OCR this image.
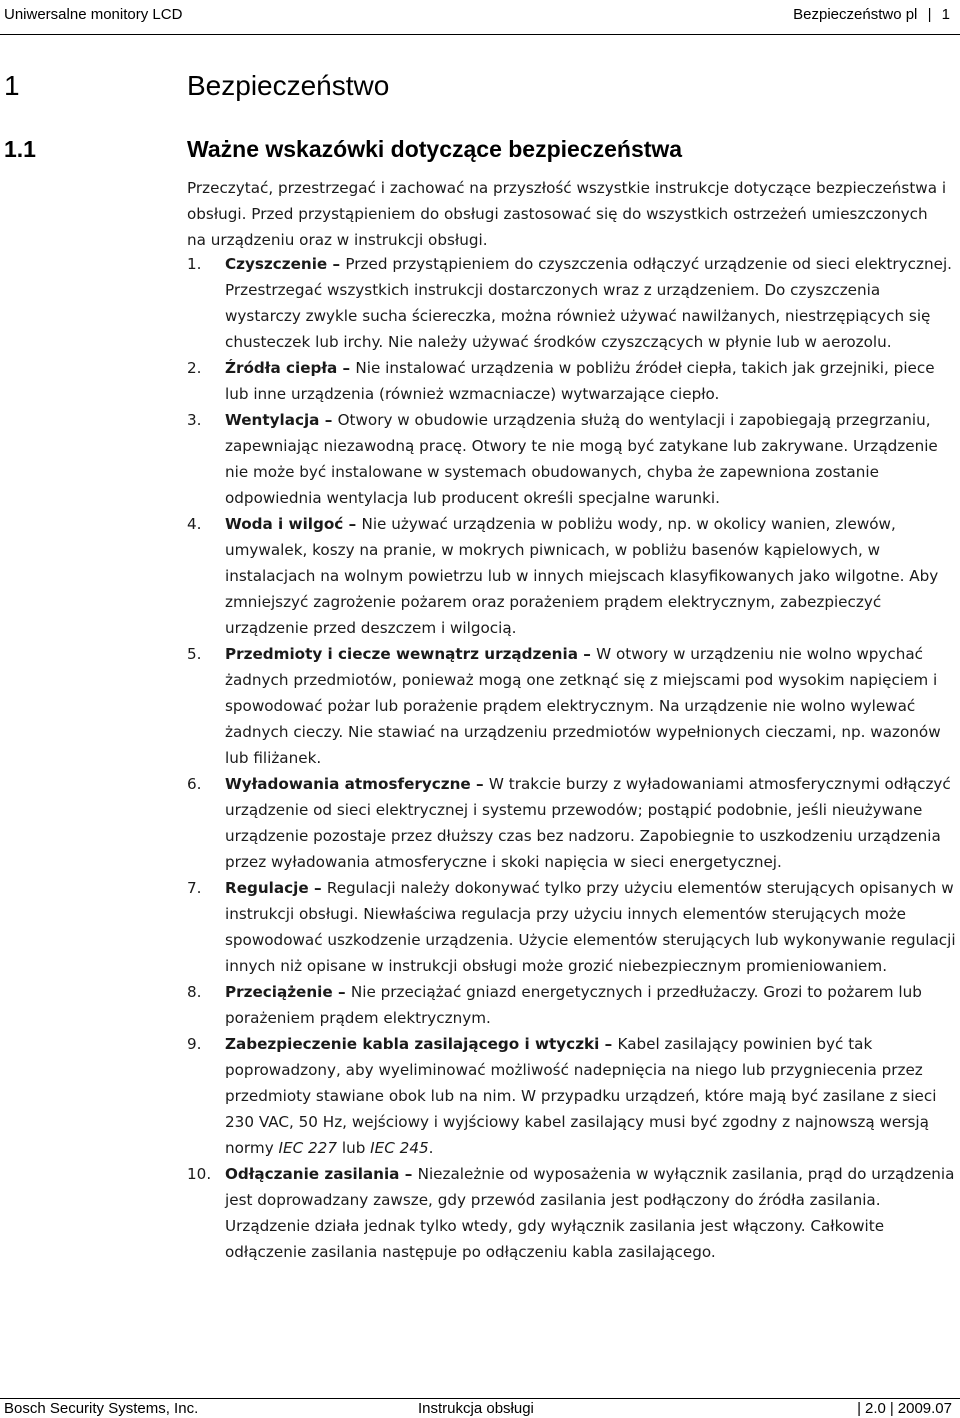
Uniwersalne monitory LCD	Bezpieczeństwo pl | 1
1	Bezpieczeństwo
1.1	Ważne wskazówki dotyczące bezpieczeństwa

Przeczytać, przestrzegać i zachować na przyszłość wszystkie instrukcje dotyczące bezpieczeństwa i obsługi. Przed przystąpieniem do obsługi zastosować się do wszystkich ostrzeżeń umieszczonych na urządzeniu oraz w instrukcji obsługi.

1. Czyszczenie – Przed przystąpieniem do czyszczenia odłączyć urządzenie od sieci elektrycznej. Przestrzegać wszystkich instrukcji dostarczonych wraz z urządzeniem. Do czyszczenia wystarczy zwykle sucha ściereczka, można również używać nawilżanych, niestrzępiących się chusteczek lub irchy. Nie należy używać środków czyszczących w płynie lub w aerozolu.
2. Źródła ciepła – Nie instalować urządzenia w pobliżu źródeł ciepła, takich jak grzejniki, piece lub inne urządzenia (również wzmacniacze) wytwarzające ciepło.
3. Wentylacja – Otwory w obudowie urządzenia służą do wentylacji i zapobiegają przegrzaniu, zapewniając niezawodną pracę. Otwory te nie mogą być zatykane lub zakrywane. Urządzenie nie może być instalowane w systemach obudowanych, chyba że zapewniona zostanie odpowiednia wentylacja lub producent określi specjalne warunki.
4. Woda i wilgoć – Nie używać urządzenia w pobliżu wody, np. w okolicy wanien, zlewów, umywalek, koszy na pranie, w mokrych piwnicach, w pobliżu basenów kąpielowych, w instalacjach na wolnym powietrzu lub w innych miejscach klasyfikowanych jako wilgotne. Aby zmniejszyć zagrożenie pożarem oraz porażeniem prądem elektrycznym, zabezpieczyć urządzenie przed deszczem i wilgocią.
5. Przedmioty i ciecze wewnątrz urządzenia – W otwory w urządzeniu nie wolno wpychać żadnych przedmiotów, ponieważ mogą one zetknąć się z miejscami pod wysokim napięciem i spowodować pożar lub porażenie prądem elektrycznym. Na urządzenie nie wolno wylewać żadnych cieczy. Nie stawiać na urządzeniu przedmiotów wypełnionych cieczami, np. wazonów lub filiżanek.
6. Wyładowania atmosferyczne – W trakcie burzy z wyładowaniami atmosferycznymi odłączyć urządzenie od sieci elektrycznej i systemu przewodów; postąpić podobnie, jeśli nieużywane urządzenie pozostaje przez dłuższy czas bez nadzoru. Zapobiegnie to uszkodzeniu urządzenia przez wyładowania atmosferyczne i skoki napięcia w sieci energetycznej.
7. Regulacje – Regulacji należy dokonywać tylko przy użyciu elementów sterujących opisanych w instrukcji obsługi. Niewłaściwa regulacja przy użyciu innych elementów sterujących może spowodować uszkodzenie urządzenia. Użycie elementów sterujących lub wykonywanie regulacji innych niż opisane w instrukcji obsługi może grozić niebezpiecznym promieniowaniem.
8. Przeciążenie – Nie przeciążać gniazd energetycznych i przedłużaczy. Grozi to pożarem lub porażeniem prądem elektrycznym.
9. Zabezpieczenie kabla zasilającego i wtyczki – Kabel zasilający powinien być tak poprowadzony, aby wyeliminować możliwość nadepnięcia na niego lub przygniecenia przez przedmioty stawiane obok lub na nim. W przypadku urządzeń, które mają być zasilane z sieci 230 VAC, 50 Hz, wejściowy i wyjściowy kabel zasilający musi być zgodny z najnowszą wersją normy IEC 227 lub IEC 245.
10. Odłączanie zasilania – Niezależnie od wyposażenia w wyłącznik zasilania, prąd do urządzenia jest doprowadzany zawsze, gdy przewód zasilania jest podłączony do źródła zasilania. Urządzenie działa jednak tylko wtedy, gdy wyłącznik zasilania jest włączony. Całkowite odłączenie zasilania następuje po odłączeniu kabla zasilającego.
Bosch Security Systems, Inc.	Instrukcja obsługi	| 2.0 | 2009.07
